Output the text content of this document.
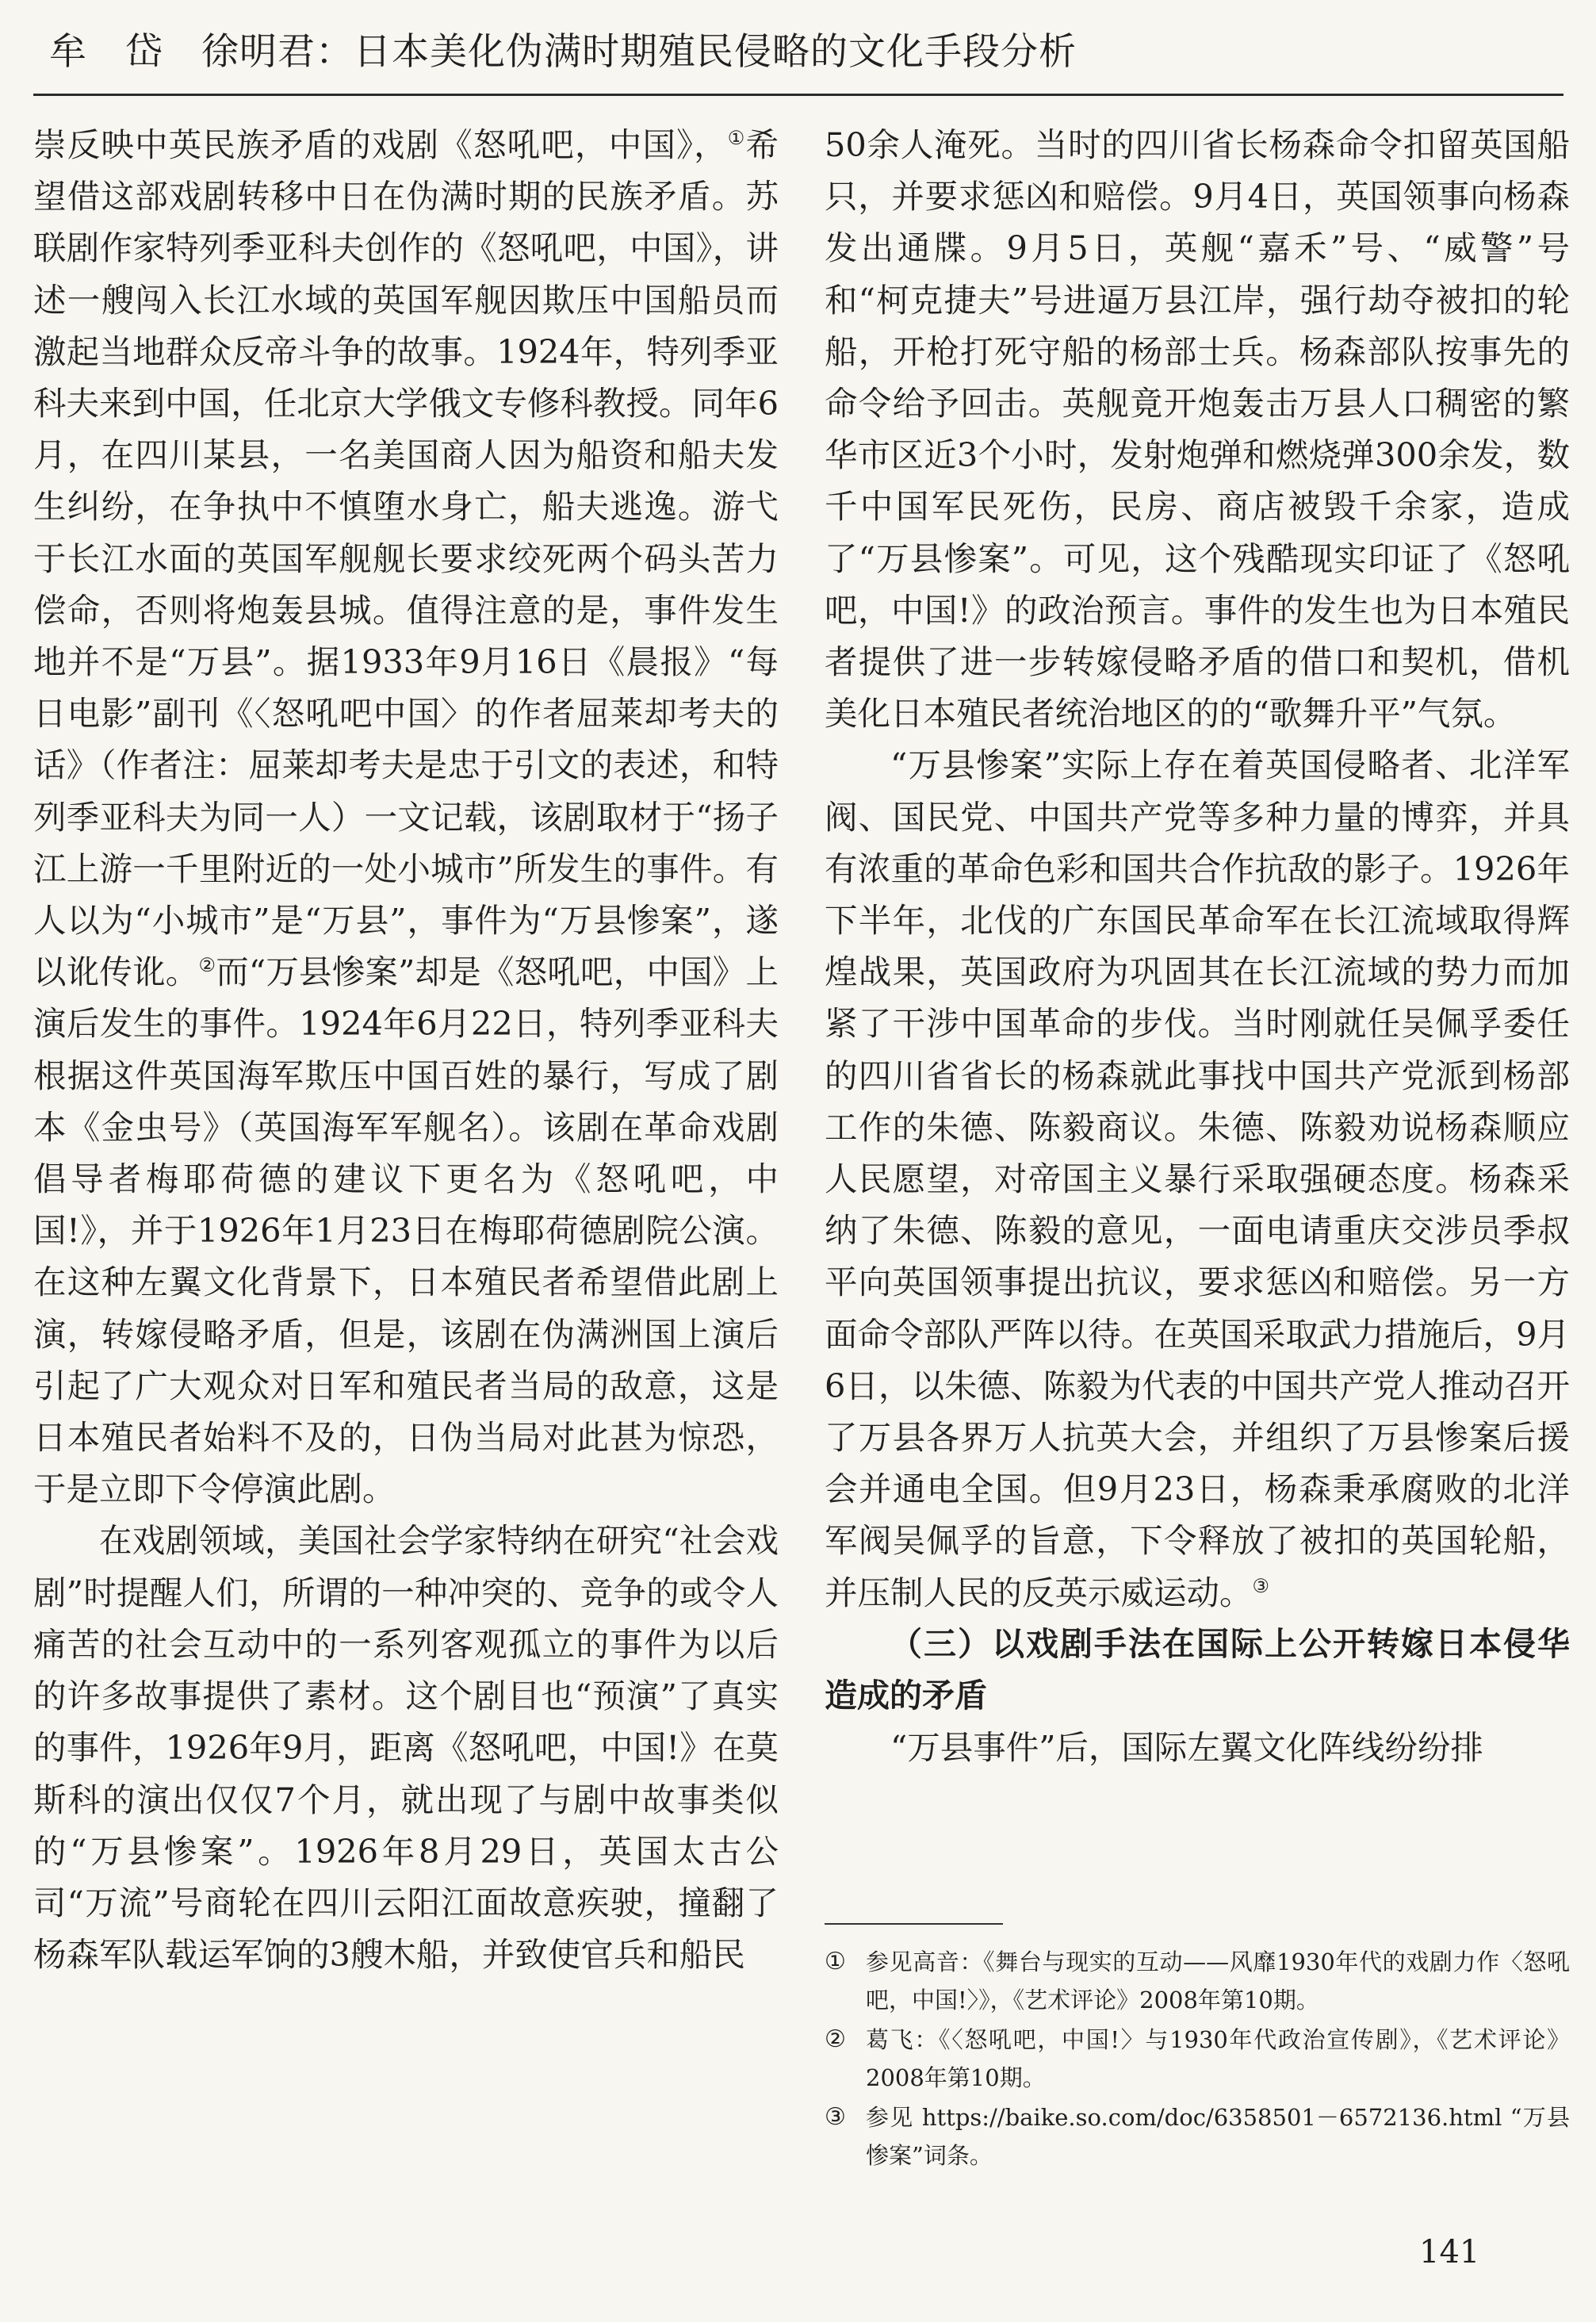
牟　岱　徐明君：日本美化伪满时期殖民侵略的文化手段分析

崇反映中英民族矛盾的戏剧《怒吼吧，中国》，①希望借这部戏剧转移中日在伪满时期的民族矛盾。苏联剧作家特列季亚科夫创作的《怒吼吧，中国》，讲述一艘闯入长江水域的英国军舰因欺压中国船员而激起当地群众反帝斗争的故事。1924年，特列季亚科夫来到中国，任北京大学俄文专修科教授。同年6月，在四川某县，一名美国商人因为船资和船夫发生纠纷，在争执中不慎堕水身亡，船夫逃逸。游弋于长江水面的英国军舰舰长要求绞死两个码头苦力偿命，否则将炮轰县城。值得注意的是，事件发生地并不是“万县”。据1933年9月16日《晨报》“每日电影”副刊《〈怒吼吧中国〉的作者屈莱却考夫的话》（作者注：屈莱却考夫是忠于引文的表述，和特列季亚科夫为同一人）一文记载，该剧取材于“扬子江上游一千里附近的一处小城市”所发生的事件。有人以为“小城市”是“万县”，事件为“万县惨案”，遂以讹传讹。②而“万县惨案”却是《怒吼吧，中国》上演后发生的事件。1924年6月22日，特列季亚科夫根据这件英国海军欺压中国百姓的暴行，写成了剧本《金虫号》（英国海军军舰名）。该剧在革命戏剧倡导者梅耶荷德的建议下更名为《怒吼吧，中国!》，并于1926年1月23日在梅耶荷德剧院公演。在这种左翼文化背景下，日本殖民者希望借此剧上演，转嫁侵略矛盾，但是，该剧在伪满洲国上演后引起了广大观众对日军和殖民者当局的敌意，这是日本殖民者始料不及的，日伪当局对此甚为惊恐，于是立即下令停演此剧。

在戏剧领域，美国社会学家特纳在研究“社会戏剧”时提醒人们，所谓的一种冲突的、竞争的或令人痛苦的社会互动中的一系列客观孤立的事件为以后的许多故事提供了素材。这个剧目也“预演”了真实的事件，1926年9月，距离《怒吼吧，中国!》在莫斯科的演出仅仅7个月，就出现了与剧中故事类似的“万县惨案”。1926年8月29日，英国太古公司“万流”号商轮在四川云阳江面故意疾驶，撞翻了杨森军队载运军饷的3艘木船，并致使官兵和船民

50余人淹死。当时的四川省长杨森命令扣留英国船只，并要求惩凶和赔偿。9月4日，英国领事向杨森发出通牒。9月5日，英舰“嘉禾”号、“威警”号和“柯克捷夫”号进逼万县江岸，强行劫夺被扣的轮船，开枪打死守船的杨部士兵。杨森部队按事先的命令给予回击。英舰竟开炮轰击万县人口稠密的繁华市区近3个小时，发射炮弹和燃烧弹300余发，数千中国军民死伤，民房、商店被毁千余家，造成了“万县惨案”。可见，这个残酷现实印证了《怒吼吧，中国!》的政治预言。事件的发生也为日本殖民者提供了进一步转嫁侵略矛盾的借口和契机，借机美化日本殖民者统治地区的的“歌舞升平”气氛。

“万县惨案”实际上存在着英国侵略者、北洋军阀、国民党、中国共产党等多种力量的博弈，并具有浓重的革命色彩和国共合作抗敌的影子。1926年下半年，北伐的广东国民革命军在长江流域取得辉煌战果，英国政府为巩固其在长江流域的势力而加紧了干涉中国革命的步伐。当时刚就任吴佩孚委任的四川省省长的杨森就此事找中国共产党派到杨部工作的朱德、陈毅商议。朱德、陈毅劝说杨森顺应人民愿望，对帝国主义暴行采取强硬态度。杨森采纳了朱德、陈毅的意见，一面电请重庆交涉员季叔平向英国领事提出抗议，要求惩凶和赔偿。另一方面命令部队严阵以待。在英国采取武力措施后，9月6日，以朱德、陈毅为代表的中国共产党人推动召开了万县各界万人抗英大会，并组织了万县惨案后援会并通电全国。但9月23日，杨森秉承腐败的北洋军阀吴佩孚的旨意，下令释放了被扣的英国轮船，并压制人民的反英示威运动。③

（三）以戏剧手法在国际上公开转嫁日本侵华造成的矛盾

“万县事件”后，国际左翼文化阵线纷纷排

① 参见高音：《舞台与现实的互动——风靡1930年代的戏剧力作〈怒吼吧，中国!〉》，《艺术评论》2008年第10期。
② 葛飞：《〈怒吼吧，中国!〉与1930年代政治宣传剧》，《艺术评论》2008年第10期。
③ 参见 https://baike.so.com/doc/6358501－6572136.html “万县惨案”词条。
141
